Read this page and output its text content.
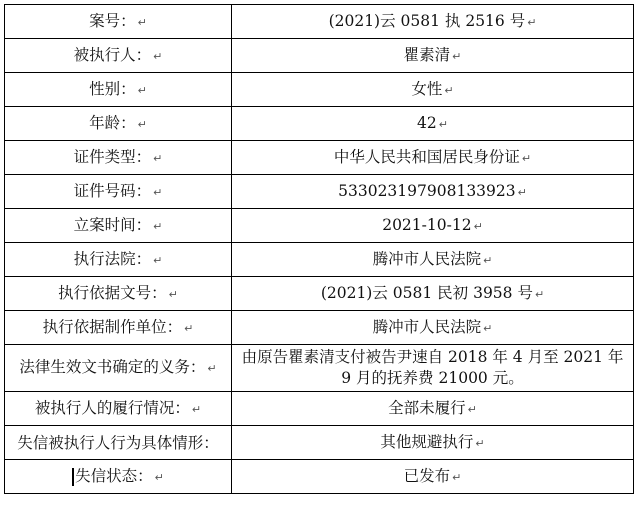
案号： ↵	(2021)云 0581 执 2516 号 ↵
被执行人： ↵	瞿素清 ↵
性别： ↵	女性 ↵
年龄： ↵	42 ↵
证件类型： ↵	中华人民共和国居民身份证 ↵
证件号码： ↵	533023197908133923 ↵
立案时间： ↵	2021-10-12 ↵
执行法院： ↵	腾冲市人民法院 ↵
执行依据文号： ↵	(2021)云 0581 民初 3958 号 ↵
执行依据制作单位： ↵	腾冲市人民法院 ↵
法律生效文书确定的义务： ↵	由原告瞿素清支付被告尹速自 2018 年 4 月至 2021 年 9 月的抚养费 21000 元。
被执行人的履行情况： ↵	全部未履行 ↵
失信被执行人行为具体情形：	其他规避执行 ↵
失信状态： ↵	已发布 ↵
